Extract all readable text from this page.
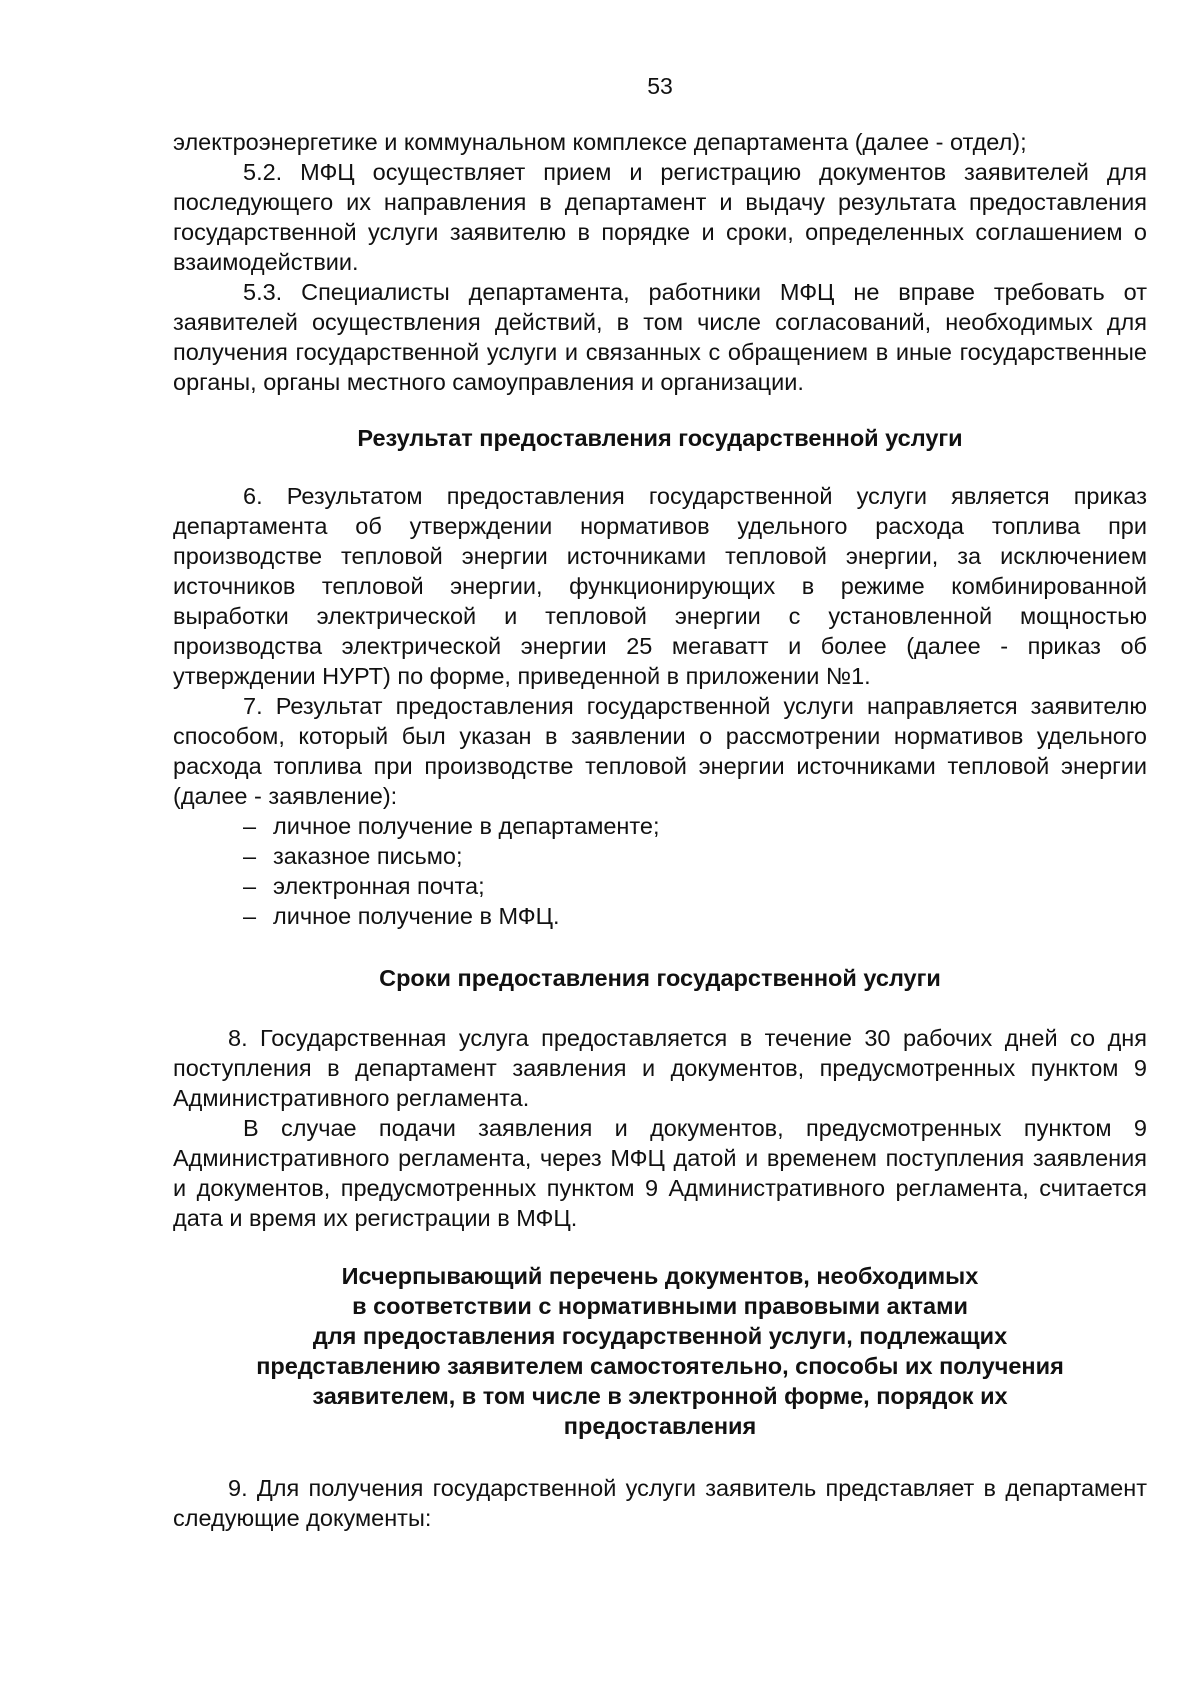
53

электроэнергетике и коммунальном комплексе департамента (далее - отдел);

5.2. МФЦ осуществляет прием и регистрацию документов заявителей для последующего их направления в департамент и выдачу результата предоставления государственной услуги заявителю в порядке и сроки, определенных соглашением о взаимодействии.

5.3. Специалисты департамента, работники МФЦ не вправе требовать от заявителей осуществления действий, в том числе согласований, необходимых для получения государственной услуги и связанных с обращением в иные государственные органы, органы местного самоуправления и организации.

Результат предоставления государственной услуги

6. Результатом предоставления государственной услуги является приказ департамента об утверждении нормативов удельного расхода топлива при производстве тепловой энергии источниками тепловой энергии, за исключением источников тепловой энергии, функционирующих в режиме комбинированной выработки электрической и тепловой энергии с установленной мощностью производства электрической энергии 25 мегаватт и более (далее - приказ об утверждении НУРТ) по форме, приведенной в приложении №1.

7. Результат предоставления государственной услуги направляется заявителю способом, который был указан в заявлении о рассмотрении нормативов удельного расхода топлива при производстве тепловой энергии источниками тепловой энергии (далее - заявление):

– личное получение в департаменте;
– заказное письмо;
– электронная почта;
– личное получение в МФЦ.

Сроки предоставления государственной услуги

8. Государственная услуга предоставляется в течение 30 рабочих дней со дня поступления в департамент заявления и документов, предусмотренных пунктом 9 Административного регламента.

В случае подачи заявления и документов, предусмотренных пунктом 9 Административного регламента, через МФЦ датой и временем поступления заявления и документов, предусмотренных пунктом 9 Административного регламента, считается дата и время их регистрации в МФЦ.

Исчерпывающий перечень документов, необходимых

в соответствии с нормативными правовыми актами

для предоставления государственной услуги, подлежащих

представлению заявителем самостоятельно, способы их получения

заявителем, в том числе в электронной форме, порядок их

предоставления

9. Для получения государственной услуги заявитель представляет в департамент следующие документы:
